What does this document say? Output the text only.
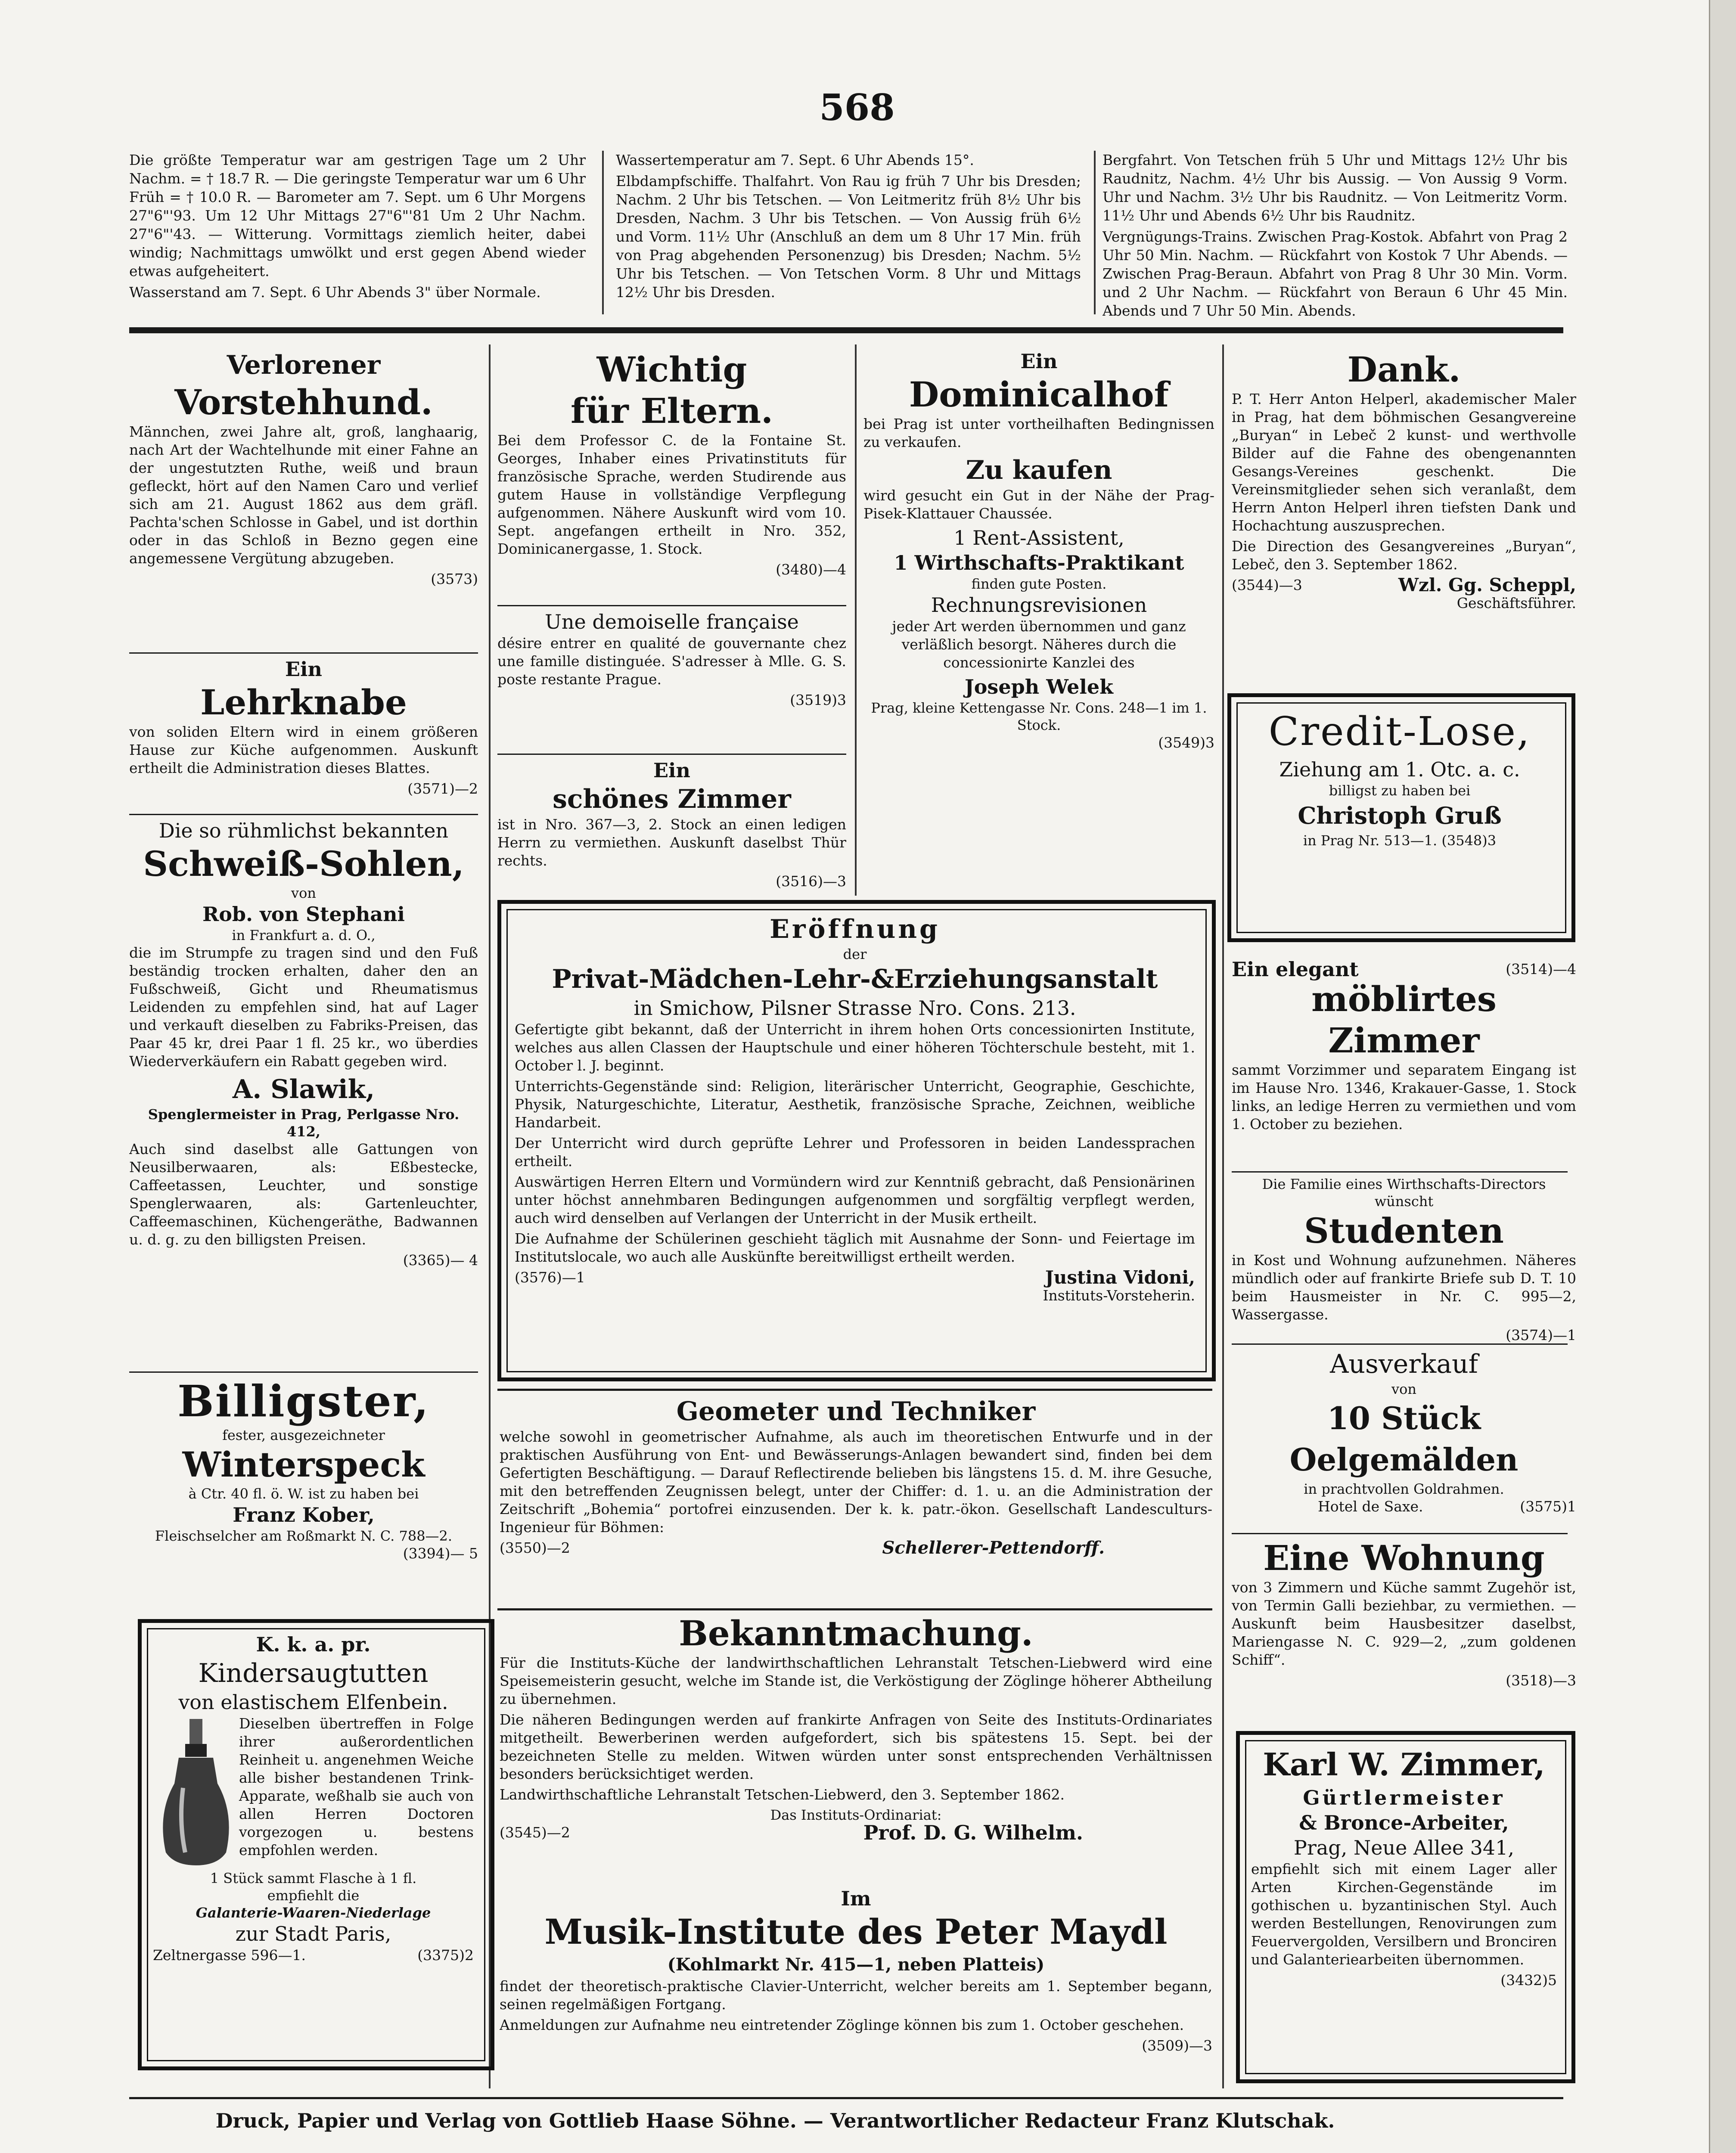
568

Die größte Temperatur war am gestrigen Tage um 2 Uhr Nachm. = † 18.7 R. — Die geringste Temperatur war um 6 Uhr Früh = † 10.0 R. — Barometer am 7. Sept. um 6 Uhr Morgens 27"6"'93. Um 12 Uhr Mittags 27"6"'81 Um 2 Uhr Nachm. 27"6"'43. — Witterung. Vormittags ziemlich heiter, dabei windig; Nachmittags umwölkt und erst gegen Abend wieder etwas aufgeheitert.

Wasserstand am 7. Sept. 6 Uhr Abends 3" über Normale.

Wassertemperatur am 7. Sept. 6 Uhr Abends 15°.

Elbdampfschiffe. Thalfahrt. Von Rau ig früh 7 Uhr bis Dresden; Nachm. 2 Uhr bis Tetschen. — Von Leitmeritz früh 8½ Uhr bis Dresden, Nachm. 3 Uhr bis Tetschen. — Von Aussig früh 6½ und Vorm. 11½ Uhr (Anschluß an dem um 8 Uhr 17 Min. früh von Prag abgehenden Personenzug) bis Dresden; Nachm. 5½ Uhr bis Tetschen. — Von Tetschen Vorm. 8 Uhr und Mittags 12½ Uhr bis Dresden.

Bergfahrt. Von Tetschen früh 5 Uhr und Mittags 12½ Uhr bis Raudnitz, Nachm. 4½ Uhr bis Aussig. — Von Aussig 9 Vorm. Uhr und Nachm. 3½ Uhr bis Raudnitz. — Von Leitmeritz Vorm. 11½ Uhr und Abends 6½ Uhr bis Raudnitz.

Vergnügungs-Trains. Zwischen Prag-Kostok. Abfahrt von Prag 2 Uhr 50 Min. Nachm. — Rückfahrt von Kostok 7 Uhr Abends. — Zwischen Prag-Beraun. Abfahrt von Prag 8 Uhr 30 Min. Vorm. und 2 Uhr Nachm. — Rückfahrt von Beraun 6 Uhr 45 Min. Abends und 7 Uhr 50 Min. Abends.

Verlorener
Vorstehhund.

Männchen, zwei Jahre alt, groß, langhaarig, nach Art der Wachtelhunde mit einer Fahne an der ungestutzten Ruthe, weiß und braun gefleckt, hört auf den Namen Caro und verlief sich am 21. August 1862 aus dem gräfl. Pachta'schen Schlosse in Gabel, und ist dorthin oder in das Schloß in Bezno gegen eine angemessene Vergütung abzugeben.

(3573)
Ein
Lehrknabe

von soliden Eltern wird in einem größeren Hause zur Küche aufgenommen. Auskunft ertheilt die Administration dieses Blattes.

(3571)—2
Die so rühmlichst bekannten
Schweiß-Sohlen,
von
Rob. von Stephani
in Frankfurt a. d. O.,

die im Strumpfe zu tragen sind und den Fuß beständig trocken erhalten, daher den an Fußschweiß, Gicht und Rheumatismus Leidenden zu empfehlen sind, hat auf Lager und verkauft dieselben zu Fabriks-Preisen, das Paar 45 kr, drei Paar 1 fl. 25 kr., wo überdies Wiederverkäufern ein Rabatt gegeben wird.

A. Slawik,
Spenglermeister in Prag, Perlgasse Nro. 412,

Auch sind daselbst alle Gattungen von Neusilberwaaren, als: Eßbestecke, Caffeetassen, Leuchter, und sonstige Spenglerwaaren, als: Gartenleuchter, Caffeemaschinen, Küchengeräthe, Badwannen u. d. g. zu den billigsten Preisen.

(3365)— 4
Billigster,
fester, ausgezeichneter
Winterspeck
à Ctr. 40 fl. ö. W. ist zu haben bei
Franz Kober,
Fleischselcher am Roßmarkt N. C. 788—2.
(3394)— 5
K. k. a. pr.
Kindersaugtutten
von elastischem Elfenbein.

Dieselben übertreffen in Folge ihrer außerordentlichen Reinheit u. angenehmen Weiche alle bisher bestandenen Trink-Apparate, weßhalb sie auch von allen Herren Doctoren vorgezogen u. bestens empfohlen werden.

1 Stück sammt Flasche à 1 fl.
empfiehlt die
Galanterie-Waaren-Niederlage
zur Stadt Paris,
Zeltnergasse 596—1.	(3375)2
Wichtig
für Eltern.

Bei dem Professor C. de la Fontaine St. Georges, Inhaber eines Privatinstituts für französische Sprache, werden Studirende aus gutem Hause in vollständige Verpflegung aufgenommen. Nähere Auskunft wird vom 10. Sept. angefangen ertheilt in Nro. 352, Dominicanergasse, 1. Stock.

(3480)—4
Une demoiselle française

désire entrer en qualité de gouvernante chez une famille distinguée. S'adresser à Mlle. G. S. poste restante Prague.

(3519)3
Ein
schönes Zimmer

ist in Nro. 367—3, 2. Stock an einen ledigen Herrn zu vermiethen. Auskunft daselbst Thür rechts.

(3516)—3
Ein
Dominicalhof

bei Prag ist unter vortheilhaften Bedingnissen zu verkaufen.

Zu kaufen

wird gesucht ein Gut in der Nähe der Prag-Pisek-Klattauer Chaussée.

1 Rent-Assistent,
1 Wirthschafts-Praktikant
finden gute Posten.
Rechnungsrevisionen

jeder Art werden übernommen und ganz verläßlich besorgt. Näheres durch die concessionirte Kanzlei des

Joseph Welek
Prag, kleine Kettengasse Nr. Cons. 248—1 im 1. Stock.
(3549)3
Eröffnung
der
Privat-Mädchen-Lehr-&Erziehungsanstalt
in Smichow, Pilsner Strasse Nro. Cons. 213.

Gefertigte gibt bekannt, daß der Unterricht in ihrem hohen Orts concessionirten Institute, welches aus allen Classen der Hauptschule und einer höheren Töchterschule besteht, mit 1. October l. J. beginnt.

Unterrichts-Gegenstände sind: Religion, literärischer Unterricht, Geographie, Geschichte, Physik, Naturgeschichte, Literatur, Aesthetik, französische Sprache, Zeichnen, weibliche Handarbeit.

Der Unterricht wird durch geprüfte Lehrer und Professoren in beiden Landessprachen ertheilt.

Auswärtigen Herren Eltern und Vormündern wird zur Kenntniß gebracht, daß Pensionärinen unter höchst annehmbaren Bedingungen aufgenommen und sorgfältig verpflegt werden, auch wird denselben auf Verlangen der Unterricht in der Musik ertheilt.

Die Aufnahme der Schülerinen geschieht täglich mit Ausnahme der Sonn- und Feiertage im Institutslocale, wo auch alle Auskünfte bereitwilligst ertheilt werden.

(3576)—1	Justina Vidoni,
Instituts-Vorsteherin.
Geometer und Techniker

welche sowohl in geometrischer Aufnahme, als auch im theoretischen Entwurfe und in der praktischen Ausführung von Ent- und Bewässerungs-Anlagen bewandert sind, finden bei dem Gefertigten Beschäftigung. — Darauf Reflectirende belieben bis längstens 15. d. M. ihre Gesuche, mit den betreffenden Zeugnissen belegt, unter der Chiffer: d. 1. u. an die Administration der Zeitschrift „Bohemia“ portofrei einzusenden. Der k. k. patr.-ökon. Gesellschaft Landesculturs-Ingenieur für Böhmen:

(3550)—2	Schellerer-Pettendorff.
Bekanntmachung.

Für die Instituts-Küche der landwirthschaftlichen Lehranstalt Tetschen-Liebwerd wird eine Speisemeisterin gesucht, welche im Stande ist, die Verköstigung der Zöglinge höherer Abtheilung zu übernehmen.

Die näheren Bedingungen werden auf frankirte Anfragen von Seite des Instituts-Ordinariates mitgetheilt. Bewerberinen werden aufgefordert, sich bis spätestens 15. Sept. bei der bezeichneten Stelle zu melden. Witwen würden unter sonst entsprechenden Verhältnissen besonders berücksichtiget werden.

Landwirthschaftliche Lehranstalt Tetschen-Liebwerd, den 3. September 1862.

Das Instituts-Ordinariat:
(3545)—2	Prof. D. G. Wilhelm.
Im
Musik-Institute des Peter Maydl
(Kohlmarkt Nr. 415—1, neben Platteis)

findet der theoretisch-praktische Clavier-Unterricht, welcher bereits am 1. September begann, seinen regelmäßigen Fortgang.

Anmeldungen zur Aufnahme neu eintretender Zöglinge können bis zum 1. October geschehen.

(3509)—3
Dank.

P. T. Herr Anton Helperl, akademischer Maler in Prag, hat dem böhmischen Gesangvereine „Buryan“ in Lebeč 2 kunst- und werthvolle Bilder auf die Fahne des obengenannten Gesangs-Vereines geschenkt. Die Vereinsmitglieder sehen sich veranlaßt, dem Herrn Anton Helperl ihren tiefsten Dank und Hochachtung auszusprechen.

Die Direction des Gesangvereines „Buryan“, Lebeč, den 3. September 1862.

(3544)—3	Wzl. Gg. Scheppl,
Geschäftsführer.
Credit-Lose,
Ziehung am 1. Otc. a. c.
billigst zu haben bei
Christoph Gruß
in Prag Nr. 513—1. (3548)3
Ein elegant	(3514)—4
möblirtes Zimmer

sammt Vorzimmer und separatem Eingang ist im Hause Nro. 1346, Krakauer-Gasse, 1. Stock links, an ledige Herren zu vermiethen und vom 1. October zu beziehen.

Die Familie eines Wirthschafts-Directors wünscht
Studenten

in Kost und Wohnung aufzunehmen. Näheres mündlich oder auf frankirte Briefe sub D. T. 10 beim Hausmeister in Nr. C. 995—2, Wassergasse.

(3574)—1
Ausverkauf
von
10 Stück Oelgemälden
in prachtvollen Goldrahmen.
Hotel de Saxe.	(3575)1
Eine Wohnung

von 3 Zimmern und Küche sammt Zugehör ist, von Termin Galli beziehbar, zu vermiethen. — Auskunft beim Hausbesitzer daselbst, Mariengasse N. C. 929—2, „zum goldenen Schiff“.

(3518)—3
Karl W. Zimmer,
Gürtlermeister
& Bronce-Arbeiter,
Prag, Neue Allee 341,

empfiehlt sich mit einem Lager aller Arten Kirchen-Gegenstände im gothischen u. byzantinischen Styl. Auch werden Bestellungen, Renovirungen zum Feuervergolden, Versilbern und Bronciren und Galanteriearbeiten übernommen.

(3432)5
Druck, Papier und Verlag von Gottlieb Haase Söhne. — Verantwortlicher Redacteur Franz Klutschak.
